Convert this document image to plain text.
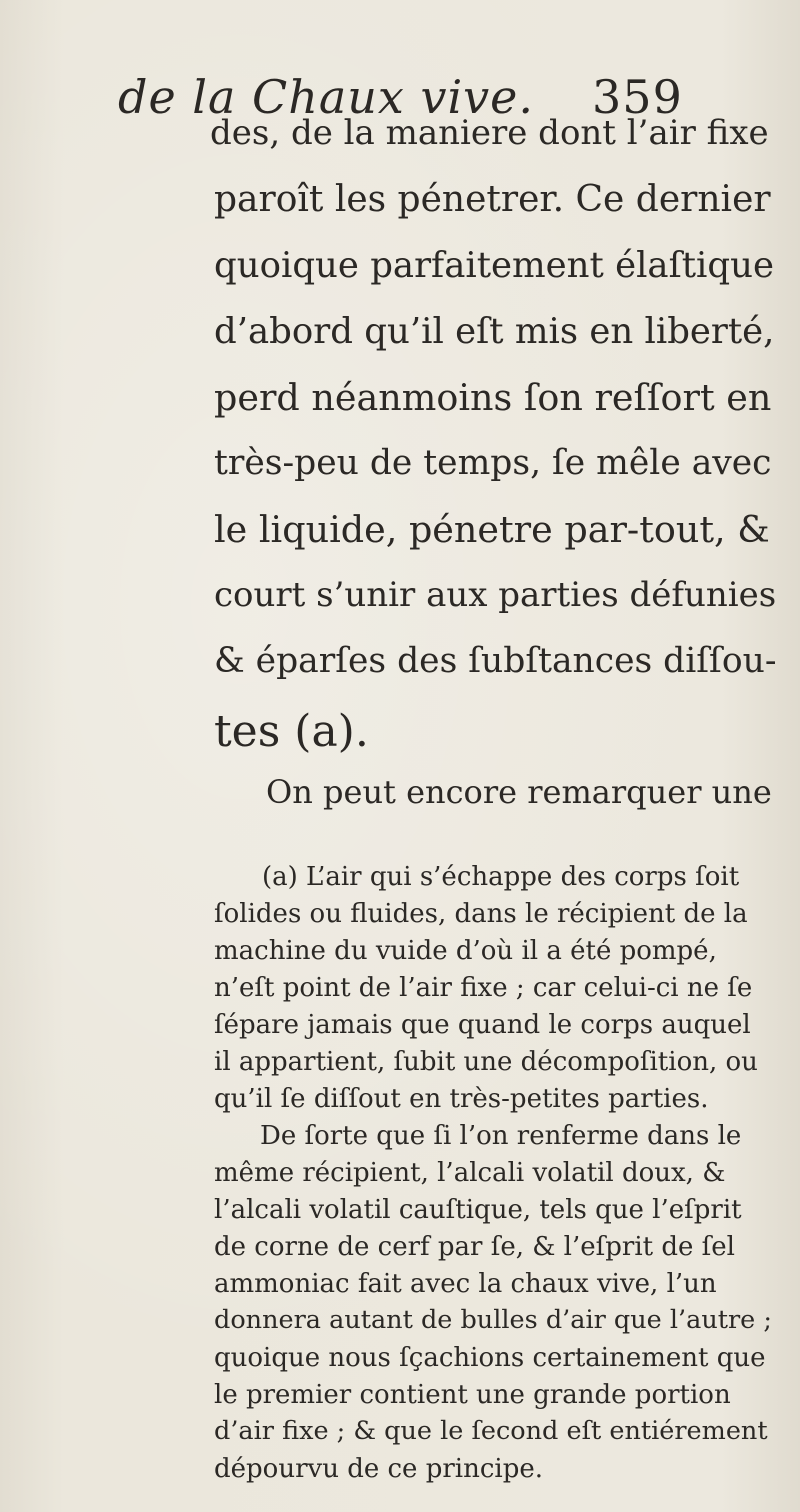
de la Chaux vive. 359
des, de la maniere dont l’air fixe
paroît les pénetrer. Ce dernier
quoique parfaitement élaſtique
d’abord qu’il eſt mis en liberté,
perd néanmoins ſon reſſort en
très-peu de temps, ſe mêle avec
le liquide, pénetre par-tout, &
court s’unir aux parties défunies
& éparſes des ſubſtances diſſou-
tes (a).
On peut encore remarquer une
(a) L’air qui s’échappe des corps ſoit
ſolides ou fluides, dans le récipient de la
machine du vuide d’où il a été pompé,
n’eſt point de l’air fixe ; car celui-ci ne ſe
ſépare jamais que quand le corps auquel
il appartient, ſubit une décompoſition, ou
qu’il ſe diſſout en très-petites parties.
De ſorte que ſi l’on renferme dans le
même récipient, l’alcali volatil doux, &
l’alcali volatil cauſtique, tels que l’eſprit
de corne de cerf par ſe, & l’eſprit de ſel
ammoniac fait avec la chaux vive, l’un
donnera autant de bulles d’air que l’autre ;
quoique nous ſçachions certainement que
le premier contient une grande portion
d’air fixe ; & que le ſecond eſt entiérement
dépourvu de ce principe.
